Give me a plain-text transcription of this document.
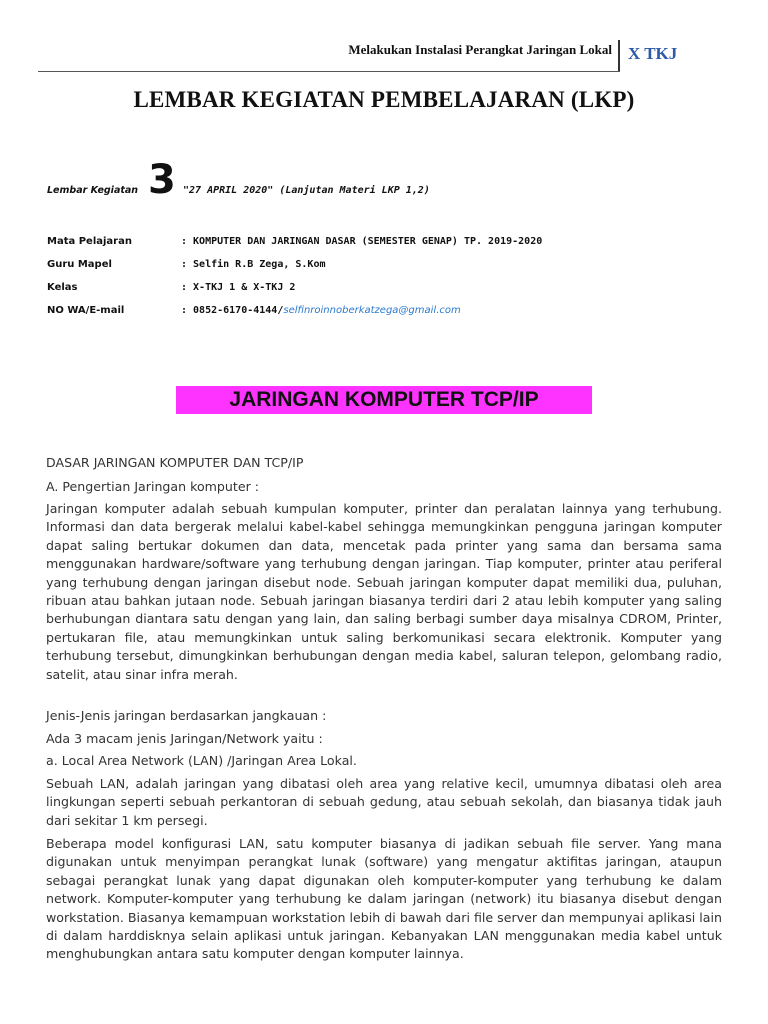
Melakukan Instalasi Perangkat Jaringan Lokal X TKJ
LEMBAR KEGIATAN PEMBELAJARAN (LKP)
Lembar Kegiatan 3 "27 APRIL 2020" (Lanjutan Materi LKP 1,2)
Mata Pelajaran	: KOMPUTER DAN JARINGAN DASAR (SEMESTER GENAP) TP. 2019-2020
Guru Mapel	: Selfin R.B Zega, S.Kom
Kelas	: X-TKJ 1 & X-TKJ 2
NO WA/E-mail	: 0852-6170-4144/selfinroinnoberkatzega@gmail.com
JARINGAN KOMPUTER TCP/IP
DASAR JARINGAN KOMPUTER DAN TCP/IP
A. Pengertian Jaringan komputer :
Jaringan komputer adalah sebuah kumpulan komputer, printer dan peralatan lainnya yang terhubung. Informasi dan data bergerak melalui kabel-kabel sehingga memungkinkan pengguna jaringan komputer dapat saling bertukar dokumen dan data, mencetak pada printer yang sama dan bersama sama menggunakan hardware/software yang terhubung dengan jaringan. Tiap komputer, printer atau periferal yang terhubung dengan jaringan disebut node. Sebuah jaringan komputer dapat memiliki dua, puluhan, ribuan atau bahkan jutaan node. Sebuah jaringan biasanya terdiri dari 2 atau lebih komputer yang saling berhubungan diantara satu dengan yang lain, dan saling berbagi sumber daya misalnya CDROM, Printer, pertukaran file, atau memungkinkan untuk saling berkomunikasi secara elektronik. Komputer yang terhubung tersebut, dimungkinkan berhubungan dengan media kabel, saluran telepon, gelombang radio, satelit, atau sinar infra merah.
Jenis-Jenis jaringan berdasarkan jangkauan :
Ada 3 macam jenis Jaringan/Network yaitu :
a. Local Area Network (LAN) /Jaringan Area Lokal.
Sebuah LAN, adalah jaringan yang dibatasi oleh area yang relative kecil, umumnya dibatasi oleh area lingkungan seperti sebuah perkantoran di sebuah gedung, atau sebuah sekolah, dan biasanya tidak jauh dari sekitar 1 km persegi.
Beberapa model konfigurasi LAN, satu komputer biasanya di jadikan sebuah file server. Yang mana digunakan untuk menyimpan perangkat lunak (software) yang mengatur aktifitas jaringan, ataupun sebagai perangkat lunak yang dapat digunakan oleh komputer-komputer yang terhubung ke dalam network. Komputer-komputer yang terhubung ke dalam jaringan (network) itu biasanya disebut dengan workstation. Biasanya kemampuan workstation lebih di bawah dari file server dan mempunyai aplikasi lain di dalam harddisknya selain aplikasi untuk jaringan. Kebanyakan LAN menggunakan media kabel untuk menghubungkan antara satu komputer dengan komputer lainnya.
